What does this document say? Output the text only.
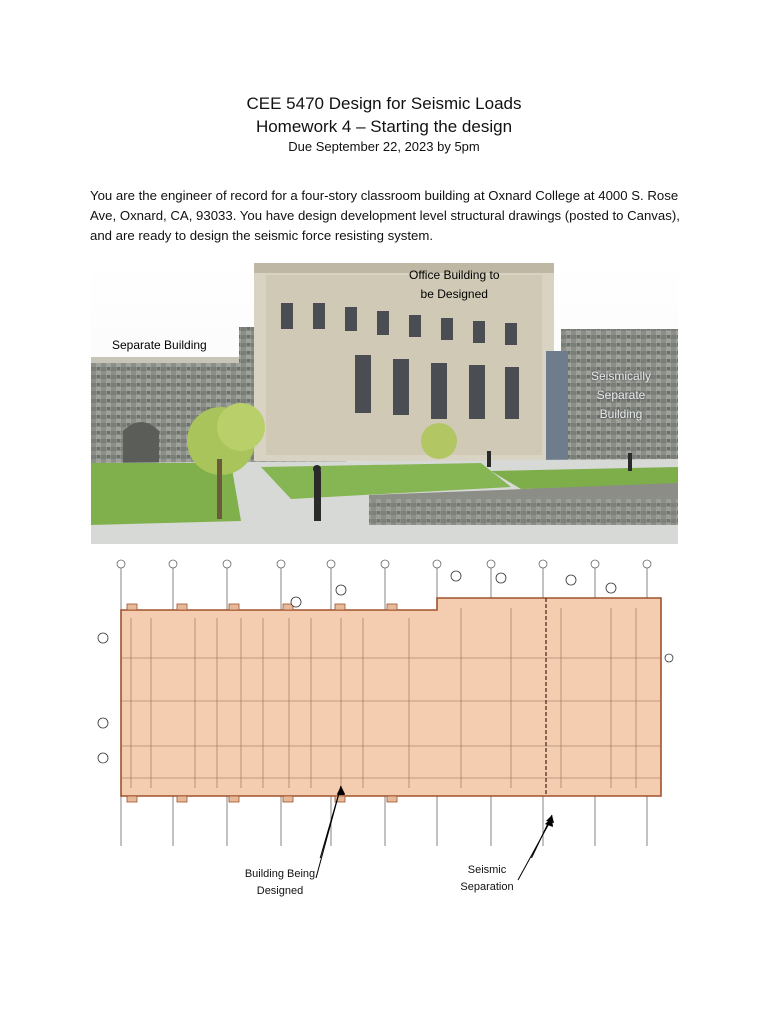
CEE 5470 Design for Seismic Loads
Homework 4 – Starting the design
Due September 22, 2023 by 5pm
You are the engineer of record for a four-story classroom building at Oxnard College at 4000 S. Rose Ave, Oxnard, CA, 93033. You have design development level structural drawings (posted to Canvas), and are ready to design the seismic force resisting system.
Office Building to
be Designed
Separate Building
Seismically
Separate
Building
Building Being
Designed
Seismic
Separation
